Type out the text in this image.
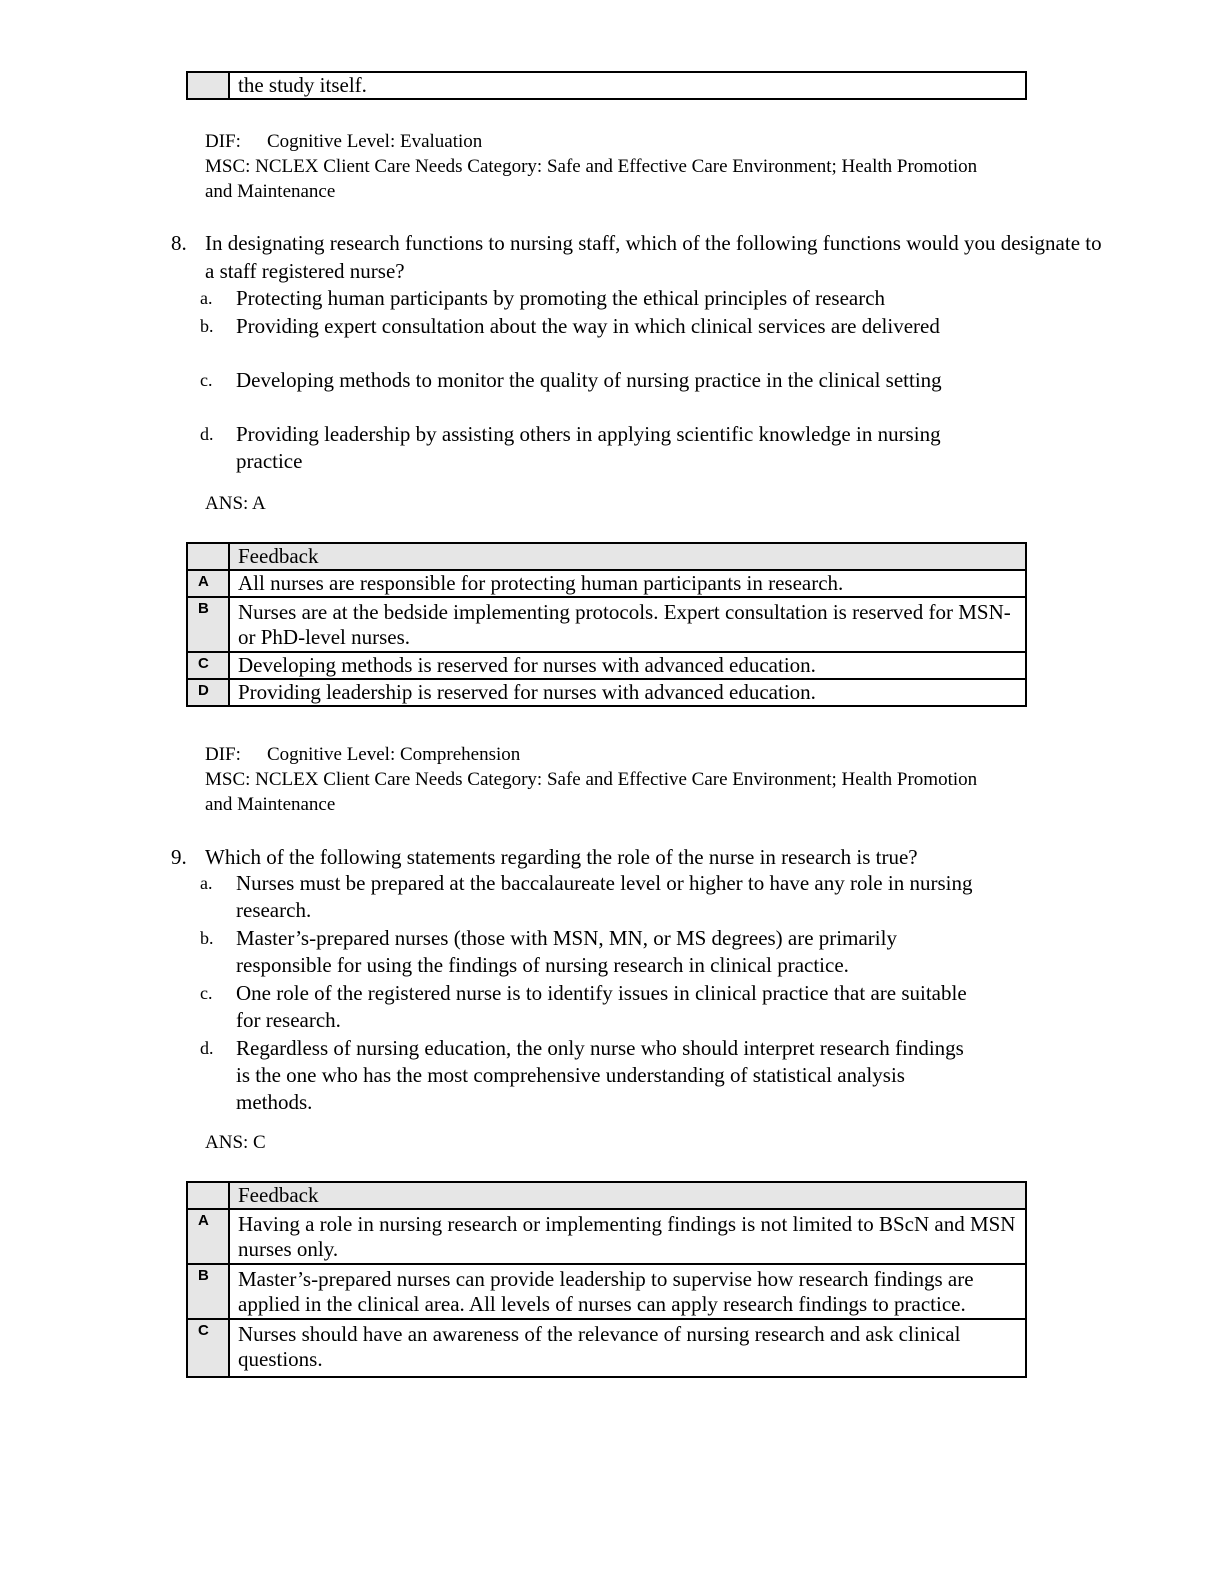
	the study itself.
DIF: Cognitive Level: Evaluation
MSC: NCLEX Client Care Needs Category: Safe and Effective Care Environment; Health Promotion
and Maintenance
8. In designating research functions to nursing staff, which of the following functions would you designate to a staff registered nurse?
a. Protecting human participants by promoting the ethical principles of research
b. Providing expert consultation about the way in which clinical services are delivered
c. Developing methods to monitor the quality of nursing practice in the clinical setting
d. Providing leadership by assisting others in applying scientific knowledge in nursing practice
ANS: A
	Feedback
A	All nurses are responsible for protecting human participants in research.
B	Nurses are at the bedside implementing protocols. Expert consultation is reserved for MSN- or PhD-level nurses.
C	Developing methods is reserved for nurses with advanced education.
D	Providing leadership is reserved for nurses with advanced education.
DIF: Cognitive Level: Comprehension
MSC: NCLEX Client Care Needs Category: Safe and Effective Care Environment; Health Promotion
and Maintenance
9. Which of the following statements regarding the role of the nurse in research is true?
a. Nurses must be prepared at the baccalaureate level or higher to have any role in nursing research.
b. Master’s-prepared nurses (those with MSN, MN, or MS degrees) are primarily responsible for using the findings of nursing research in clinical practice.
c. One role of the registered nurse is to identify issues in clinical practice that are suitable for research.
d. Regardless of nursing education, the only nurse who should interpret research findings is the one who has the most comprehensive understanding of statistical analysis methods.
ANS: C
	Feedback
A	Having a role in nursing research or implementing findings is not limited to BScN and MSN nurses only.
B	Master’s-prepared nurses can provide leadership to supervise how research findings are applied in the clinical area. All levels of nurses can apply research findings to practice.
C	Nurses should have an awareness of the relevance of nursing research and ask clinical questions.
